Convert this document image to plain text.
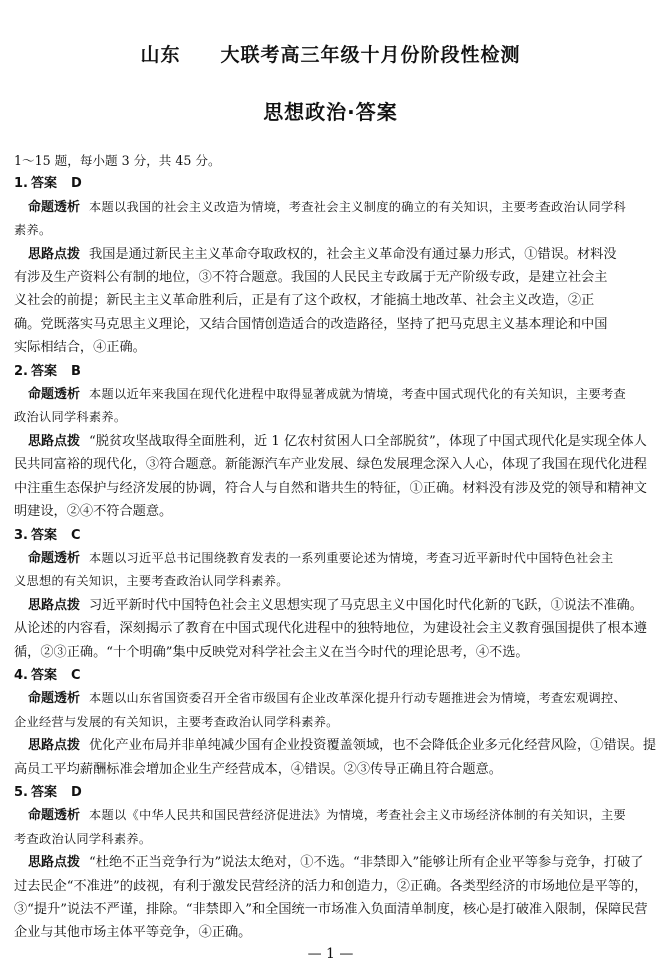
山东　　大联考高三年级十月份阶段性检测
思想政治·答案
1～15 题，每小题 3 分，共 45 分。
1. 答案 D
命题透析 本题以我国的社会主义改造为情境，考查社会主义制度的确立的有关知识，主要考查政治认同学科
素养。
思路点拨 我国是通过新民主主义革命夺取政权的，社会主义革命没有通过暴力形式，①错误。材料没
有涉及生产资料公有制的地位，③不符合题意。我国的人民民主专政属于无产阶级专政，是建立社会主
义社会的前提；新民主主义革命胜利后，正是有了这个政权，才能搞土地改革、社会主义改造，②正
确。党既落实马克思主义理论，又结合国情创造适合的改造路径，坚持了把马克思主义基本理论和中国
实际相结合，④正确。
2. 答案 B
命题透析 本题以近年来我国在现代化进程中取得显著成就为情境，考查中国式现代化的有关知识，主要考查
政治认同学科素养。
思路点拨 “脱贫攻坚战取得全面胜利，近 1 亿农村贫困人口全部脱贫”，体现了中国式现代化是实现全体人
民共同富裕的现代化，③符合题意。新能源汽车产业发展、绿色发展理念深入人心，体现了我国在现代化进程
中注重生态保护与经济发展的协调，符合人与自然和谐共生的特征，①正确。材料没有涉及党的领导和精神文
明建设，②④不符合题意。
3. 答案 C
命题透析 本题以习近平总书记围绕教育发表的一系列重要论述为情境，考查习近平新时代中国特色社会主
义思想的有关知识，主要考查政治认同学科素养。
思路点拨 习近平新时代中国特色社会主义思想实现了马克思主义中国化时代化新的飞跃，①说法不准确。
从论述的内容看，深刻揭示了教育在中国式现代化进程中的独特地位，为建设社会主义教育强国提供了根本遵
循，②③正确。“十个明确”集中反映党对科学社会主义在当今时代的理论思考，④不选。
4. 答案 C
命题透析 本题以山东省国资委召开全省市级国有企业改革深化提升行动专题推进会为情境，考查宏观调控、
企业经营与发展的有关知识，主要考查政治认同学科素养。
思路点拨 优化产业布局并非单纯减少国有企业投资覆盖领域，也不会降低企业多元化经营风险，①错误。提
高员工平均薪酬标准会增加企业生产经营成本，④错误。②③传导正确且符合题意。
5. 答案 D
命题透析 本题以《中华人民共和国民营经济促进法》为情境，考查社会主义市场经济体制的有关知识，主要
考查政治认同学科素养。
思路点拨 “杜绝不正当竞争行为”说法太绝对，①不选。“非禁即入”能够让所有企业平等参与竞争，打破了
过去民企“不准进”的歧视，有利于激发民营经济的活力和创造力，②正确。各类型经济的市场地位是平等的，
③“提升”说法不严谨，排除。“非禁即入”和全国统一市场准入负面清单制度，核心是打破准入限制，保障民营
企业与其他市场主体平等竞争，④正确。
— 1 —
